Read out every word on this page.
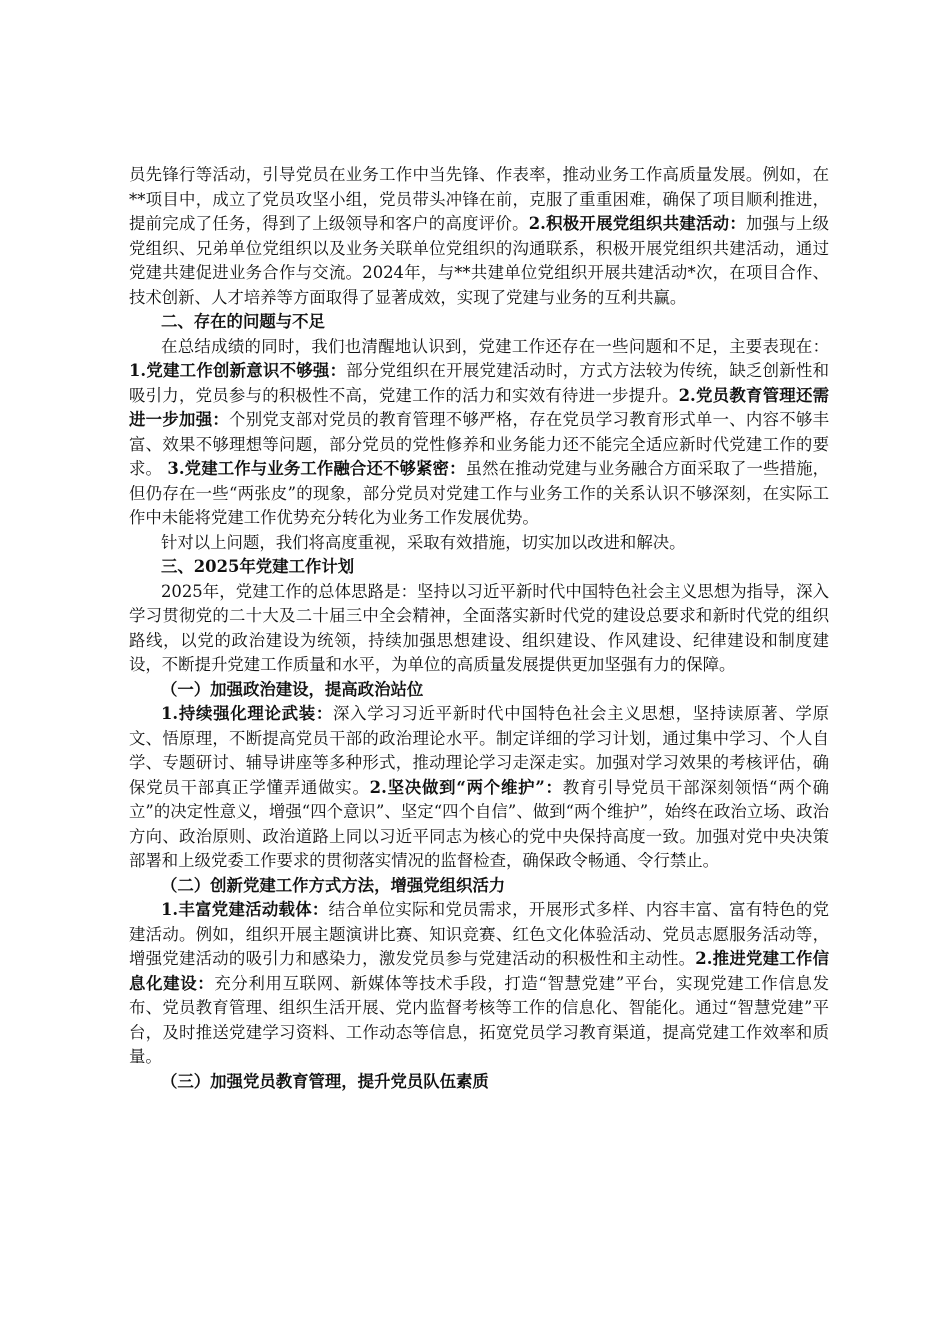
员先锋行等活动，引导党员在业务工作中当先锋、作表率，推动业务工作高质量发展。例如，在**项目中，成立了党员攻坚小组，党员带头冲锋在前，克服了重重困难，确保了项目顺利推进，提前完成了任务，得到了上级领导和客户的高度评价。2.积极开展党组织共建活动：加强与上级党组织、兄弟单位党组织以及业务关联单位党组织的沟通联系，积极开展党组织共建活动，通过党建共建促进业务合作与交流。2024年，与**共建单位党组织开展共建活动*次，在项目合作、技术创新、人才培养等方面取得了显著成效，实现了党建与业务的互利共赢。

二、存在的问题与不足

在总结成绩的同时，我们也清醒地认识到，党建工作还存在一些问题和不足，主要表现在：1.党建工作创新意识不够强：部分党组织在开展党建活动时，方式方法较为传统，缺乏创新性和吸引力，党员参与的积极性不高，党建工作的活力和实效有待进一步提升。2.党员教育管理还需进一步加强：个别党支部对党员的教育管理不够严格，存在党员学习教育形式单一、内容不够丰富、效果不够理想等问题，部分党员的党性修养和业务能力还不能完全适应新时代党建工作的要求。 3.党建工作与业务工作融合还不够紧密：虽然在推动党建与业务融合方面采取了一些措施，但仍存在一些“两张皮”的现象，部分党员对党建工作与业务工作的关系认识不够深刻，在实际工作中未能将党建工作优势充分转化为业务工作发展优势。

针对以上问题，我们将高度重视，采取有效措施，切实加以改进和解决。

三、2025年党建工作计划

2025年，党建工作的总体思路是：坚持以习近平新时代中国特色社会主义思想为指导，深入学习贯彻党的二十大及二十届三中全会精神，全面落实新时代党的建设总要求和新时代党的组织路线，以党的政治建设为统领，持续加强思想建设、组织建设、作风建设、纪律建设和制度建设，不断提升党建工作质量和水平，为单位的高质量发展提供更加坚强有力的保障。

（一）加强政治建设，提高政治站位

1.持续强化理论武装：深入学习习近平新时代中国特色社会主义思想，坚持读原著、学原文、悟原理，不断提高党员干部的政治理论水平。制定详细的学习计划，通过集中学习、个人自学、专题研讨、辅导讲座等多种形式，推动理论学习走深走实。加强对学习效果的考核评估，确保党员干部真正学懂弄通做实。2.坚决做到“两个维护”：教育引导党员干部深刻领悟“两个确立”的决定性意义，增强“四个意识”、坚定“四个自信”、做到“两个维护”，始终在政治立场、政治方向、政治原则、政治道路上同以习近平同志为核心的党中央保持高度一致。加强对党中央决策部署和上级党委工作要求的贯彻落实情况的监督检查，确保政令畅通、令行禁止。

（二）创新党建工作方式方法，增强党组织活力

1.丰富党建活动载体：结合单位实际和党员需求，开展形式多样、内容丰富、富有特色的党建活动。例如，组织开展主题演讲比赛、知识竞赛、红色文化体验活动、党员志愿服务活动等，增强党建活动的吸引力和感染力，激发党员参与党建活动的积极性和主动性。2.推进党建工作信息化建设：充分利用互联网、新媒体等技术手段，打造“智慧党建”平台，实现党建工作信息发布、党员教育管理、组织生活开展、党内监督考核等工作的信息化、智能化。通过“智慧党建”平台，及时推送党建学习资料、工作动态等信息，拓宽党员学习教育渠道，提高党建工作效率和质量。

（三）加强党员教育管理，提升党员队伍素质
